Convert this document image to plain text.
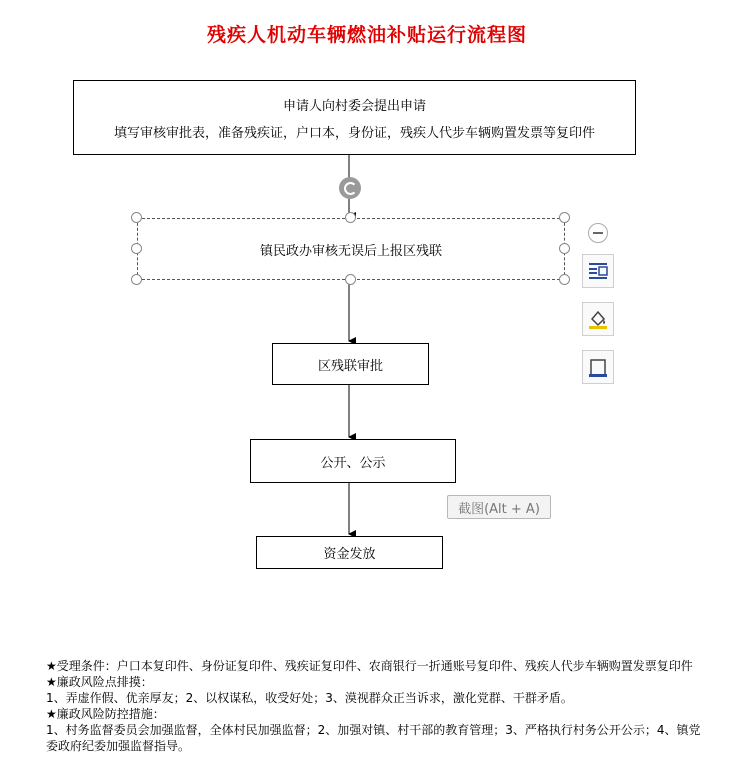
残疾人机动车辆燃油补贴运行流程图
申请人向村委会提出申请
填写审核审批表，准备残疾证，户口本，身份证，残疾人代步车辆购置发票等复印件
镇民政办审核无误后上报区残联
区残联审批
公开、公示
截图(Alt + A)
资金发放
★受理条件：户口本复印件、身份证复印件、残疾证复印件、农商银行一折通账号复印件、残疾人代步车辆购置发票复印件
★廉政风险点排摸：
1、弄虚作假、优亲厚友；2、以权谋私，收受好处；3、漠视群众正当诉求，激化党群、干群矛盾。
★廉政风险防控措施：
1、村务监督委员会加强监督，全体村民加强监督；2、加强对镇、村干部的教育管理；3、严格执行村务公开公示；4、镇党委政府纪委加强监督指导。
